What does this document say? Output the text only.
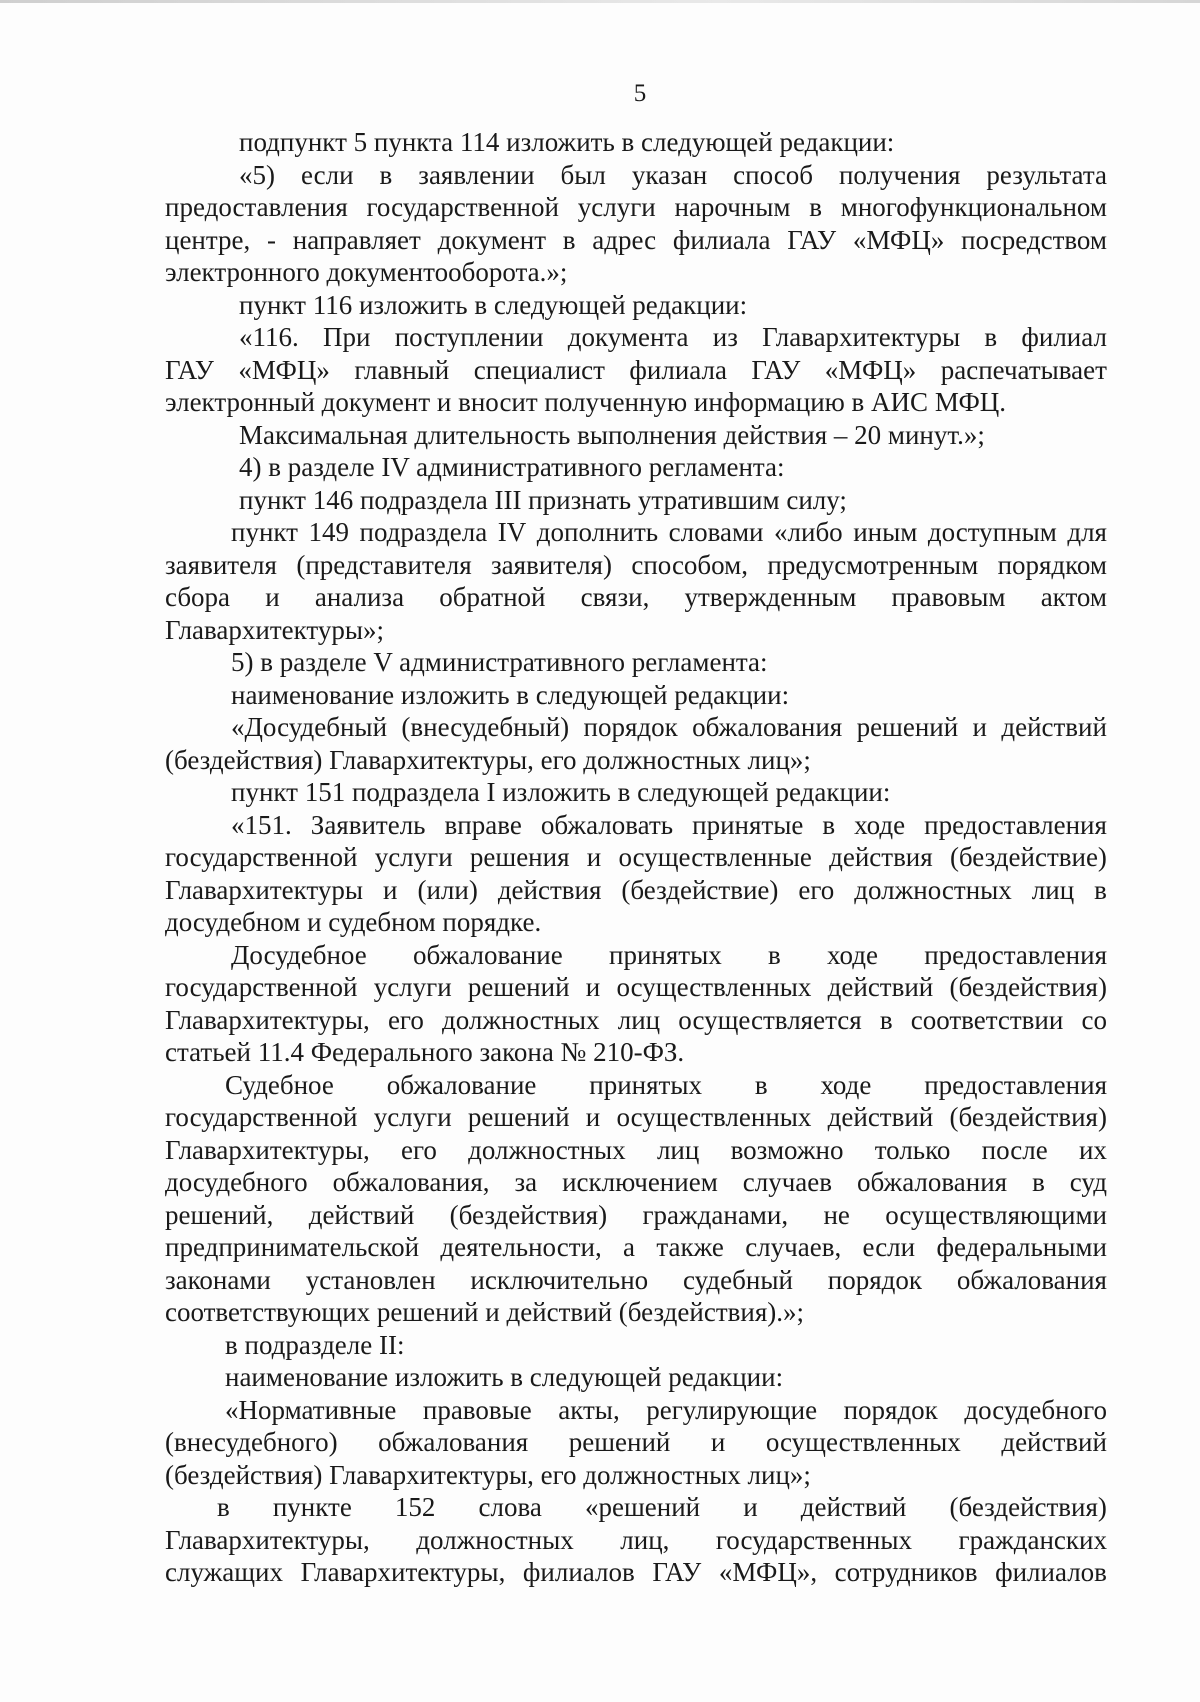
5
подпункт 5 пункта 114 изложить в следующей редакции:
«5) если в заявлении был указан способ получения результата
предоставления государственной услуги нарочным в многофункциональном
центре, - направляет документ в адрес филиала ГАУ «МФЦ» посредством
электронного документооборота.»;
пункт 116 изложить в следующей редакции:
«116. При поступлении документа из Главархитектуры в филиал
ГАУ «МФЦ» главный специалист филиала ГАУ «МФЦ» распечатывает
электронный документ и вносит полученную информацию в АИС МФЦ.
Максимальная длительность выполнения действия – 20 минут.»;
4) в разделе IV административного регламента:
пункт 146 подраздела III признать утратившим силу;
пункт 149 подраздела IV дополнить словами «либо иным доступным для
заявителя (представителя заявителя) способом, предусмотренным порядком
сбора и анализа обратной связи, утвержденным правовым актом
Главархитектуры»;
5) в разделе V административного регламента:
наименование изложить в следующей редакции:
«Досудебный (внесудебный) порядок обжалования решений и действий
(бездействия) Главархитектуры, его должностных лиц»;
пункт 151 подраздела I изложить в следующей редакции:
«151. Заявитель вправе обжаловать принятые в ходе предоставления
государственной услуги решения и осуществленные действия (бездействие)
Главархитектуры и (или) действия (бездействие) его должностных лиц в
досудебном и судебном порядке.
Досудебное обжалование принятых в ходе предоставления
государственной услуги решений и осуществленных действий (бездействия)
Главархитектуры, его должностных лиц осуществляется в соответствии со
статьей 11.4 Федерального закона № 210-ФЗ.
Судебное обжалование принятых в ходе предоставления
государственной услуги решений и осуществленных действий (бездействия)
Главархитектуры, его должностных лиц возможно только после их
досудебного обжалования, за исключением случаев обжалования в суд
решений, действий (бездействия) гражданами, не осуществляющими
предпринимательской деятельности, а также случаев, если федеральными
законами установлен исключительно судебный порядок обжалования
соответствующих решений и действий (бездействия).»;
в подразделе II:
наименование изложить в следующей редакции:
«Нормативные правовые акты, регулирующие порядок досудебного
(внесудебного) обжалования решений и осуществленных действий
(бездействия) Главархитектуры, его должностных лиц»;
в пункте 152 слова «решений и действий (бездействия)
Главархитектуры, должностных лиц, государственных гражданских
служащих Главархитектуры, филиалов ГАУ «МФЦ», сотрудников филиалов
